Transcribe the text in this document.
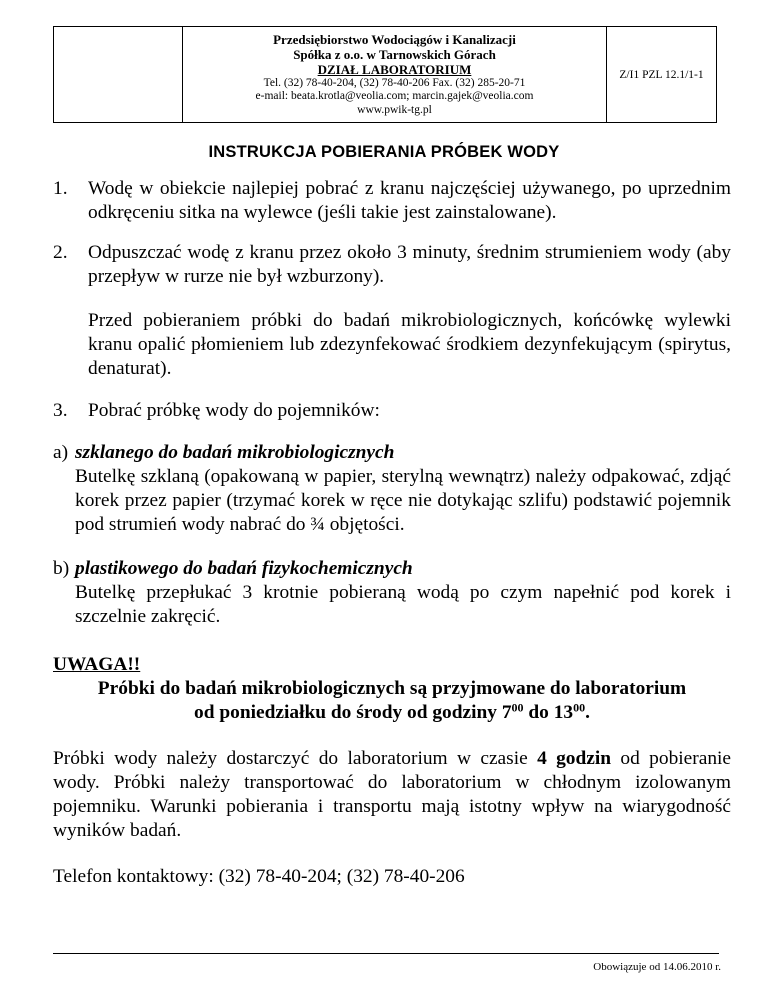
Przedsiębiorstwo Wodociągów i Kanalizacji
Spółka z o.o. w Tarnowskich Górach
DZIAŁ LABORATORIUM
Tel. (32) 78-40-204, (32) 78-40-206 Fax. (32) 285-20-71
e-mail: beata.krotla@veolia.com; marcin.gajek@veolia.com
www.pwik-tg.pl
	Z/I1 PZL 12.1/1-1
INSTRUKCJA POBIERANIA PRÓBEK WODY
1.	Wodę w obiekcie najlepiej pobrać z kranu najczęściej używanego, po uprzednim odkręceniu sitka na wylewce (jeśli takie jest zainstalowane).
2.	Odpuszczać wodę z kranu przez około 3 minuty, średnim strumieniem wody (aby przepływ w rurze nie był wzburzony).
Przed pobieraniem próbki do badań mikrobiologicznych, końcówkę wylewki kranu opalić płomieniem lub zdezynfekować środkiem dezynfekującym (spirytus, denaturat).
3.	Pobrać próbkę wody do pojemników:
a) szklanego do badań mikrobiologicznych
Butelkę szklaną (opakowaną w papier, sterylną wewnątrz) należy odpakować, zdjąć korek przez papier (trzymać korek w ręce nie dotykając szlifu) podstawić pojemnik pod strumień wody nabrać do ¾ objętości.
b) plastikowego do badań fizykochemicznych
Butelkę przepłukać 3 krotnie pobieraną wodą po czym napełnić pod korek i szczelnie zakręcić.
UWAGA!!
Próbki do badań mikrobiologicznych są przyjmowane do laboratorium
od poniedziałku do środy od godziny $7^{00}$ do $13^{00}$.
Próbki wody należy dostarczyć do laboratorium w czasie 4 godzin od pobieranie wody. Próbki należy transportować do laboratorium w chłodnym izolowanym pojemniku. Warunki pobierania i transportu mają istotny wpływ na wiarygodność wyników badań.
Telefon kontaktowy: (32) 78-40-204; (32) 78-40-206
Obowiązuje od 14.06.2010 r.
